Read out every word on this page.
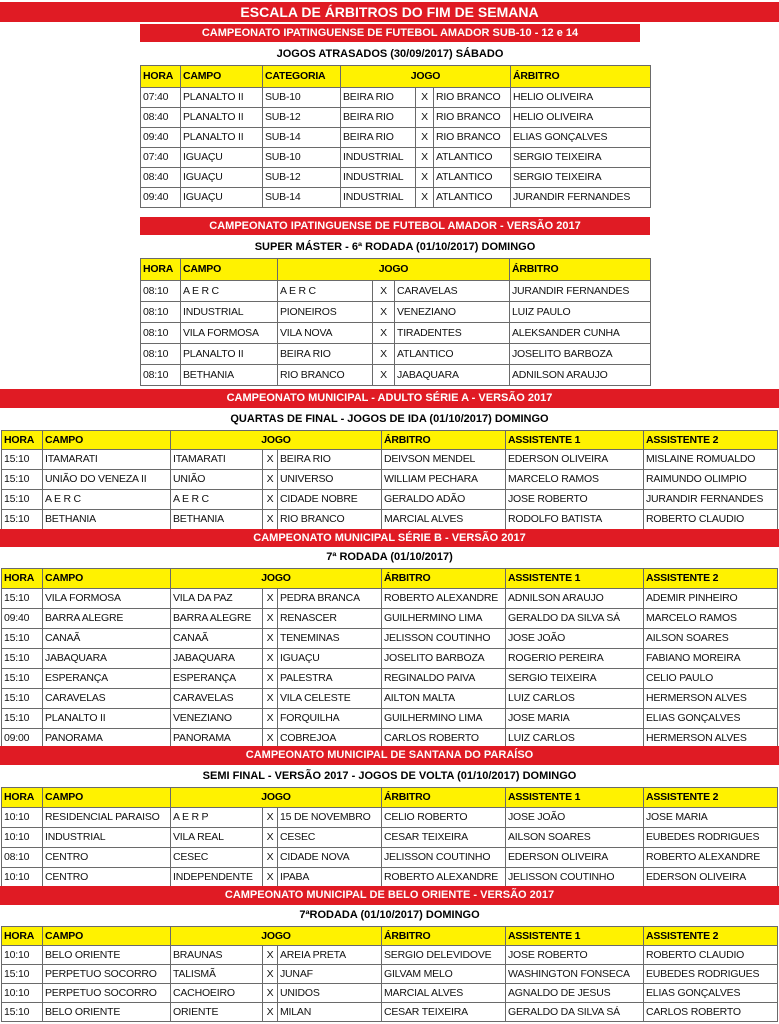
ESCALA DE ÁRBITROS DO FIM DE SEMANA
CAMPEONATO IPATINGUENSE DE FUTEBOL AMADOR SUB-10 - 12 e 14
JOGOS ATRASADOS (30/09/2017) SÁBADO
HORA	CAMPO	CATEGORIA	JOGO			ÁRBITRO
07:40	PLANALTO II	SUB-10	BEIRA RIO	X	RIO BRANCO	HELIO OLIVEIRA
08:40	PLANALTO II	SUB-12	BEIRA RIO	X	RIO BRANCO	HELIO OLIVEIRA
09:40	PLANALTO II	SUB-14	BEIRA RIO	X	RIO BRANCO	ELIAS GONÇALVES
07:40	IGUAÇU	SUB-10	INDUSTRIAL	X	ATLANTICO	SERGIO TEIXEIRA
08:40	IGUAÇU	SUB-12	INDUSTRIAL	X	ATLANTICO	SERGIO TEIXEIRA
09:40	IGUAÇU	SUB-14	INDUSTRIAL	X	ATLANTICO	JURANDIR FERNANDES
CAMPEONATO IPATINGUENSE DE FUTEBOL AMADOR - VERSÃO 2017
SUPER MÁSTER - 6ª RODADA (01/10/2017) DOMINGO
HORA	CAMPO	JOGO			ÁRBITRO
08:10	A E R C	A E R C	X	CARAVELAS	JURANDIR FERNANDES
08:10	INDUSTRIAL	PIONEIROS	X	VENEZIANO	LUIZ PAULO
08:10	VILA FORMOSA	VILA NOVA	X	TIRADENTES	ALEKSANDER CUNHA
08:10	PLANALTO II	BEIRA RIO	X	ATLANTICO	JOSELITO BARBOZA
08:10	BETHANIA	RIO BRANCO	X	JABAQUARA	ADNILSON ARAUJO
CAMPEONATO MUNICIPAL - ADULTO SÉRIE A - VERSÃO 2017
QUARTAS DE FINAL - JOGOS DE IDA (01/10/2017) DOMINGO
HORA	CAMPO	JOGO			ÁRBITRO	ASSISTENTE 1	ASSISTENTE 2
15:10	ITAMARATI	ITAMARATI	X	BEIRA RIO	DEIVSON MENDEL	EDERSON OLIVEIRA	MISLAINE ROMUALDO
15:10	UNIÃO DO VENEZA II	UNIÃO	X	UNIVERSO	WILLIAM PECHARA	MARCELO RAMOS	RAIMUNDO OLIMPIO
15:10	A E R C	A E R C	X	CIDADE NOBRE	GERALDO ADÃO	JOSE ROBERTO	JURANDIR FERNANDES
15:10	BETHANIA	BETHANIA	X	RIO BRANCO	MARCIAL ALVES	RODOLFO BATISTA	ROBERTO CLAUDIO
CAMPEONATO MUNICIPAL SÉRIE B - VERSÃO 2017
7ª RODADA (01/10/2017)
HORA	CAMPO	JOGO			ÁRBITRO	ASSISTENTE 1	ASSISTENTE 2
15:10	VILA FORMOSA	VILA DA PAZ	X	PEDRA BRANCA	ROBERTO ALEXANDRE	ADNILSON ARAUJO	ADEMIR PINHEIRO
09:40	BARRA ALEGRE	BARRA ALEGRE	X	RENASCER	GUILHERMINO LIMA	GERALDO DA SILVA SÁ	MARCELO RAMOS
15:10	CANAÃ	CANAÃ	X	TENEMINAS	JELISSON COUTINHO	JOSE JOÃO	AILSON SOARES
15:10	JABAQUARA	JABAQUARA	X	IGUAÇU	JOSELITO BARBOZA	ROGERIO PEREIRA	FABIANO MOREIRA
15:10	ESPERANÇA	ESPERANÇA	X	PALESTRA	REGINALDO PAIVA	SERGIO TEIXEIRA	CELIO PAULO
15:10	CARAVELAS	CARAVELAS	X	VILA CELESTE	AILTON MALTA	LUIZ CARLOS	HERMERSON ALVES
15:10	PLANALTO II	VENEZIANO	X	FORQUILHA	GUILHERMINO LIMA	JOSE MARIA	ELIAS GONÇALVES
09:00	PANORAMA	PANORAMA	X	COBREJOA	CARLOS ROBERTO	LUIZ CARLOS	HERMERSON ALVES
CAMPEONATO MUNICIPAL DE SANTANA DO PARAÍSO
SEMI FINAL - VERSÃO 2017 - JOGOS DE VOLTA (01/10/2017) DOMINGO
HORA	CAMPO	JOGO			ÁRBITRO	ASSISTENTE 1	ASSISTENTE 2
10:10	RESIDENCIAL PARAISO	A E R P	X	15 DE NOVEMBRO	CELIO ROBERTO	JOSE JOÃO	JOSE MARIA
10:10	INDUSTRIAL	VILA REAL	X	CESEC	CESAR TEIXEIRA	AILSON SOARES	EUBEDES RODRIGUES
08:10	CENTRO	CESEC	X	CIDADE NOVA	JELISSON COUTINHO	EDERSON OLIVEIRA	ROBERTO ALEXANDRE
10:10	CENTRO	INDEPENDENTE	X	IPABA	ROBERTO ALEXANDRE	JELISSON COUTINHO	EDERSON OLIVEIRA
CAMPEONATO MUNICIPAL DE BELO ORIENTE - VERSÃO 2017
7ªRODADA (01/10/2017) DOMINGO
HORA	CAMPO	JOGO			ÁRBITRO	ASSISTENTE 1	ASSISTENTE 2
10:10	BELO ORIENTE	BRAUNAS	X	AREIA PRETA	SERGIO DELEVIDOVE	JOSE ROBERTO	ROBERTO CLAUDIO
15:10	PERPETUO SOCORRO	TALISMÃ	X	JUNAF	GILVAM MELO	WASHINGTON FONSECA	EUBEDES RODRIGUES
10:10	PERPETUO SOCORRO	CACHOEIRO	X	UNIDOS	MARCIAL ALVES	AGNALDO DE JESUS	ELIAS GONÇALVES
15:10	BELO ORIENTE	ORIENTE	X	MILAN	CESAR TEIXEIRA	GERALDO DA SILVA SÁ	CARLOS ROBERTO
